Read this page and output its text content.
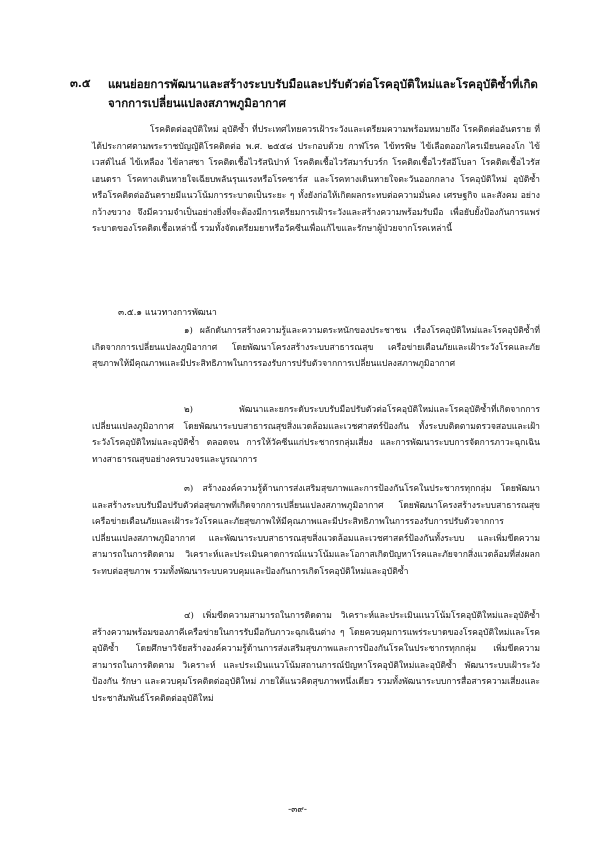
๓.๕ แผนย่อยการพัฒนาและสร้างระบบรับมือและปรับตัวต่อโรคอุบัติใหม่และโรคอุบัติซ้ำที่เกิดจากการเปลี่ยนแปลงสภาพภูมิอากาศ
โรคติดต่ออุบัติใหม่ อุบัติซ้ำ ที่ประเทศไทยควรเฝ้าระวังและเตรียมความพร้อมหมายถึง โรคติดต่ออันตราย ที่ได้ประกาศตามพระราชบัญญัติโรคติดต่อ พ.ศ. ๒๕๕๘ ประกอบด้วย กาฬโรค ไข้ทรพิษ ไข้เลือดออกไครเมียนคองโก ไข้เวสต์ไนล์ ไข้เหลือง ไข้ลาสซา โรคติดเชื้อไวรัสนิปาห์ โรคติดเชื้อไวรัสมาร์บวร์ก โรคติดเชื้อไวรัสอีโบลา โรคติดเชื้อไวรัสเฮนดรา โรคทางเดินหายใจเฉียบพลันรุนแรงหรือโรคซาร์ส และโรคทางเดินหายใจตะวันออกกลาง โรคอุบัติใหม่ อุบัติซ้ำ หรือโรคติดต่ออันตรายมีแนวโน้มการระบาดเป็นระยะ ๆ ทั้งยังก่อให้เกิดผลกระทบต่อความมั่นคง เศรษฐกิจ และสังคม อย่างกว้างขวาง จึงมีความจำเป็นอย่างยิ่งที่จะต้องมีการเตรียมการเฝ้าระวังและสร้างความพร้อมรับมือ เพื่อยับยั้งป้องกันการแพร่ระบาดของโรคติดเชื้อเหล่านี้ รวมทั้งจัดเตรียมยาหรือวัคซีนเพื่อแก้ไขและรักษาผู้ป่วยจากโรคเหล่านี้
๓.๕.๑ แนวทางการพัฒนา
๑) ผลักดันการสร้างความรู้และความตระหนักของประชาชน เรื่องโรคอุบัติใหม่และโรคอุบัติซ้ำที่เกิดจากการเปลี่ยนแปลงภูมิอากาศ โดยพัฒนาโครงสร้างระบบสาธารณสุข เครือข่ายเตือนภัยและเฝ้าระวังโรคและภัยสุขภาพให้มีคุณภาพและมีประสิทธิภาพในการรองรับการปรับตัวจากการเปลี่ยนแปลงสภาพภูมิอากาศ
๒) พัฒนาและยกระดับระบบรับมือปรับตัวต่อโรคอุบัติใหม่และโรคอุบัติซ้ำที่เกิดจากการเปลี่ยนแปลงภูมิอากาศ โดยพัฒนาระบบสาธารณสุขสิ่งแวดล้อมและเวชศาสตร์ป้องกัน ทั้งระบบติดตามตรวจสอบและเฝ้าระวังโรคอุบัติใหม่และอุบัติซ้ำ ตลอดจน การให้วัคซีนแก่ประชากรกลุ่มเสี่ยง และการพัฒนาระบบการจัดการภาวะฉุกเฉินทางสาธารณสุขอย่างครบวงจรและบูรณาการ
๓) สร้างองค์ความรู้ด้านการส่งเสริมสุขภาพและการป้องกันโรคในประชากรทุกกลุ่ม โดยพัฒนาและสร้างระบบรับมือปรับตัวต่อสุขภาพที่เกิดจากการเปลี่ยนแปลงสภาพภูมิอากาศ โดยพัฒนาโครงสร้างระบบสาธารณสุข เครือข่ายเตือนภัยและเฝ้าระวังโรคและภัยสุขภาพให้มีคุณภาพและมีประสิทธิภาพในการรองรับการปรับตัวจากการเปลี่ยนแปลงสภาพภูมิอากาศ และพัฒนาระบบสาธารณสุขสิ่งแวดล้อมและเวชศาสตร์ป้องกันทั้งระบบ และเพิ่มขีดความสามารถในการติดตาม วิเคราะห์และประเมินคาดการณ์แนวโน้มและโอกาสเกิดปัญหาโรคและภัยจากสิ่งแวดล้อมที่ส่งผลกระทบต่อสุขภาพ รวมทั้งพัฒนาระบบควบคุมและป้องกันการเกิดโรคอุบัติใหม่และอุบัติซ้ำ
๔) เพิ่มขีดความสามารถในการติดตาม วิเคราะห์และประเมินแนวโน้มโรคอุบัติใหม่และอุบัติซ้ำ สร้างความพร้อมของภาคีเครือข่ายในการรับมือกับภาวะฉุกเฉินต่าง ๆ โดยควบคุมการแพร่ระบาดของโรคอุบัติใหม่และโรคอุบัติซ้ำ โดยศึกษาวิจัยสร้างองค์ความรู้ด้านการส่งเสริมสุขภาพและการป้องกันโรคในประชากรทุกกลุ่ม เพิ่มขีดความสามารถในการติดตาม วิเคราะห์ และประเมินแนวโน้มสถานการณ์ปัญหาโรคอุบัติใหม่และอุบัติซ้ำ พัฒนาระบบเฝ้าระวัง ป้องกัน รักษา และควบคุมโรคติดต่ออุบัติใหม่ ภายใต้แนวคิดสุขภาพหนึ่งเดียว รวมทั้งพัฒนาระบบการสื่อสารความเสี่ยงและประชาสัมพันธ์โรคติดต่ออุบัติใหม่
-๓๙-
